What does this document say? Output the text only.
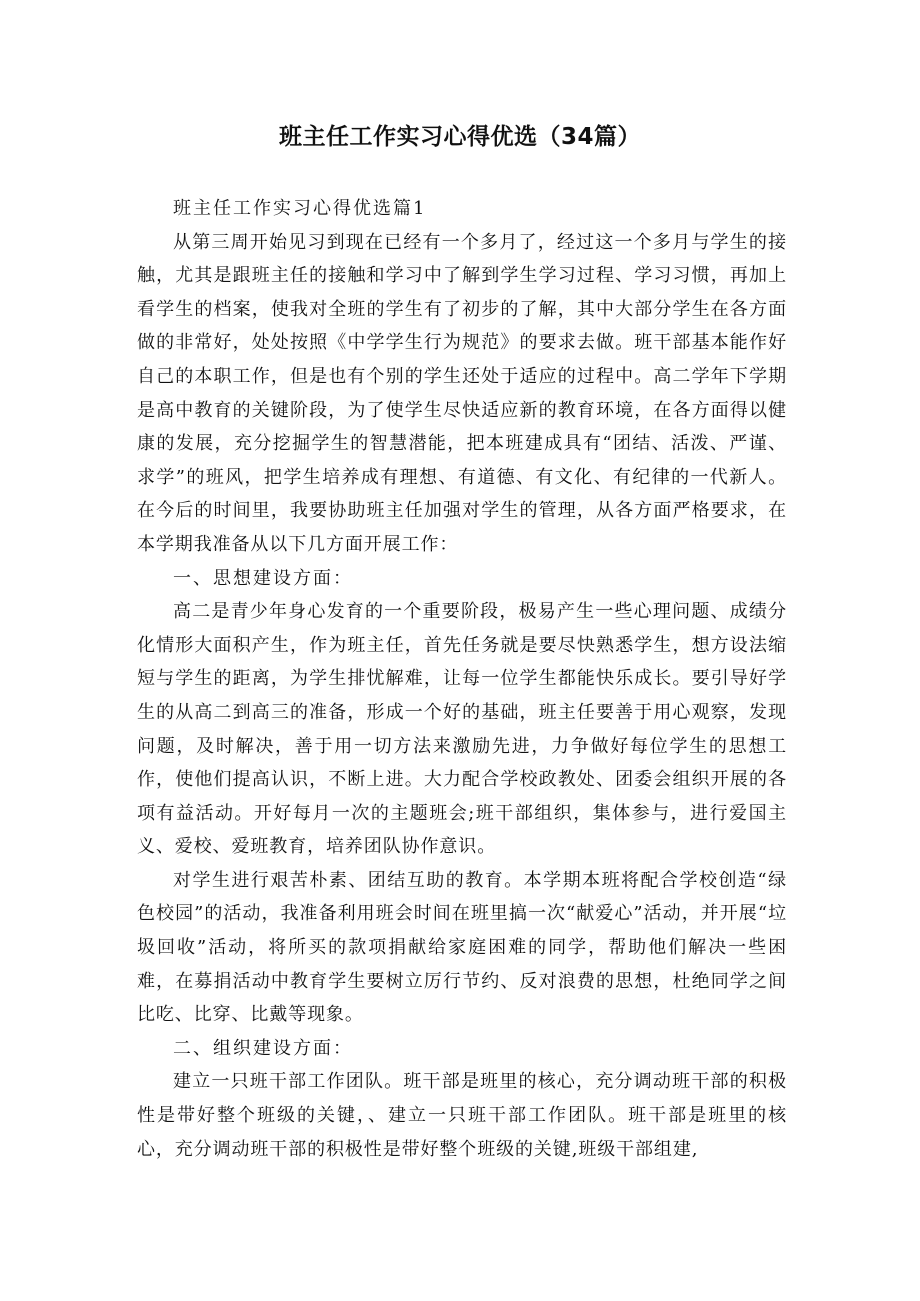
班主任工作实习心得优选（34篇）

班主任工作实习心得优选篇1

从第三周开始见习到现在已经有一个多月了，经过这一个多月与学生的接触，尤其是跟班主任的接触和学习中了解到学生学习过程、学习习惯，再加上看学生的档案，使我对全班的学生有了初步的了解，其中大部分学生在各方面做的非常好，处处按照《中学学生行为规范》的要求去做。班干部基本能作好自己的本职工作，但是也有个别的学生还处于适应的过程中。高二学年下学期是高中教育的关键阶段，为了使学生尽快适应新的教育环境，在各方面得以健康的发展，充分挖掘学生的智慧潜能，把本班建成具有“团结、活泼、严谨、求学”的班风，把学生培养成有理想、有道德、有文化、有纪律的一代新人。在今后的时间里，我要协助班主任加强对学生的管理，从各方面严格要求，在本学期我准备从以下几方面开展工作：

一、思想建设方面：

高二是青少年身心发育的一个重要阶段，极易产生一些心理问题、成绩分化情形大面积产生，作为班主任，首先任务就是要尽快熟悉学生，想方设法缩短与学生的距离，为学生排忧解难，让每一位学生都能快乐成长。要引导好学生的从高二到高三的准备，形成一个好的基础，班主任要善于用心观察，发现问题，及时解决，善于用一切方法来激励先进，力争做好每位学生的思想工作，使他们提高认识，不断上进。大力配合学校政教处、团委会组织开展的各项有益活动。开好每月一次的主题班会;班干部组织，集体参与，进行爱国主义、爱校、爱班教育，培养团队协作意识。

对学生进行艰苦朴素、团结互助的教育。本学期本班将配合学校创造“绿色校园”的活动，我准备利用班会时间在班里搞一次“献爱心”活动，并开展“垃圾回收”活动，将所买的款项捐献给家庭困难的同学，帮助他们解决一些困难，在募捐活动中教育学生要树立厉行节约、反对浪费的思想，杜绝同学之间比吃、比穿、比戴等现象。

二、组织建设方面：

建立一只班干部工作团队。班干部是班里的核心，充分调动班干部的积极性是带好整个班级的关键，、建立一只班干部工作团队。班干部是班里的核心，充分调动班干部的积极性是带好整个班级的关键,班级干部组建,
